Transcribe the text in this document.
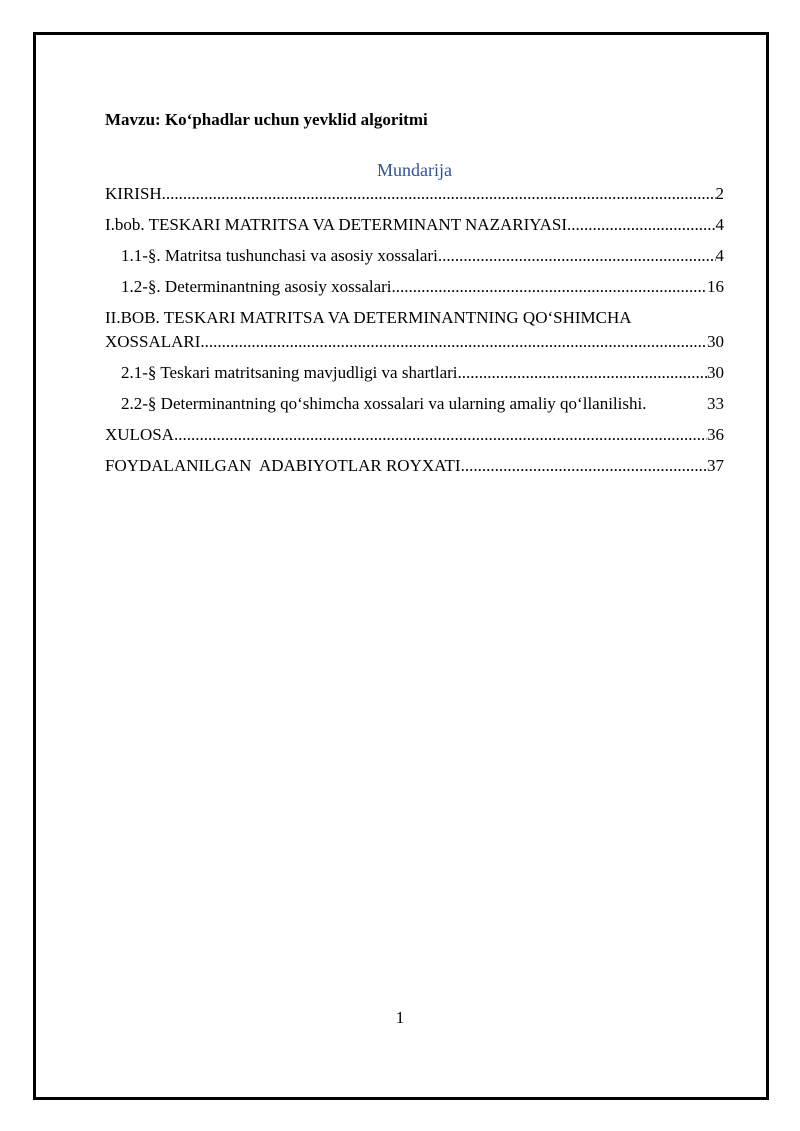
Mavzu: Ko‘phadlar uchun yevklid algoritmi

Mundarija
KIRISH .....	2
I.bob. TESKARI MATRITSA VA DETERMINANT NAZARIYASI .....	4
1.1-§. Matritsa tushunchasi va asosiy xossalari .....	4
1.2-§. Determinantning asosiy xossalari .....	16
II.BOB. TESKARI MATRITSA VA DETERMINANTNING QO‘SHIMCHA
XOSSALARI .....	30
2.1-§ Teskari matritsaning mavjudligi va shartlari .....	30
2.2-§ Determinantning qo‘shimcha xossalari va ularning amaliy qo‘llanilishi.	33
XULOSA .....	36
FOYDALANILGAN  ADABIYOTLAR ROYXATI .....	37
1
